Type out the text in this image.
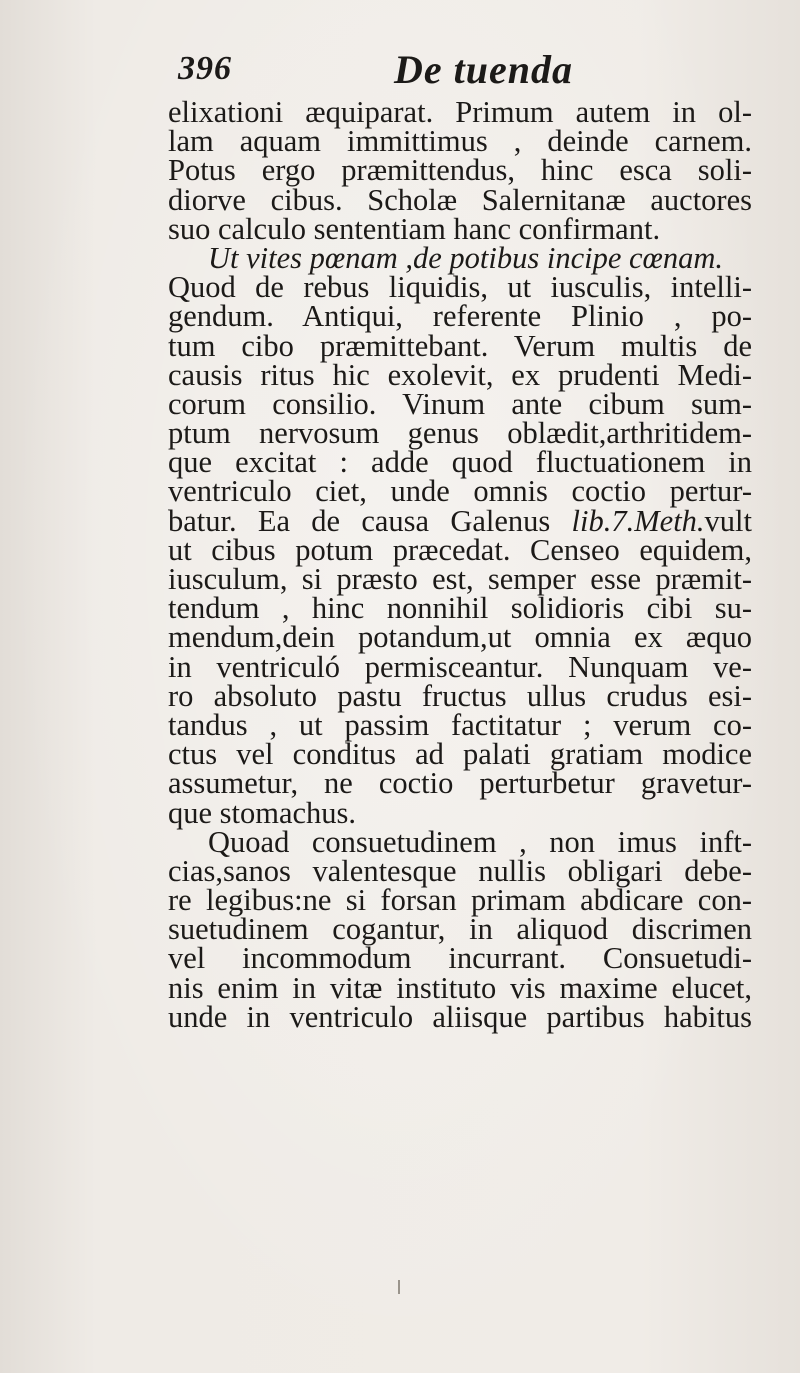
396	De tuenda
elixationi æquiparat. Primum autem in ol-
lam aquam immittimus , deinde carnem.
Potus ergo præmittendus, hinc esca soli-
diorve cibus. Scholæ Salernitanæ auctores
suo calculo sententiam hanc confirmant.
Ut vites pœnam ,de potibus incipe cœnam.
Quod de rebus liquidis, ut iusculis, intelli-
gendum. Antiqui, referente Plinio , po-
tum cibo præmittebant. Verum multis de
causis ritus hic exolevit, ex prudenti Medi-
corum consilio. Vinum ante cibum sum-
ptum nervosum genus oblædit,arthritidem-
que excitat : adde quod fluctuationem in
ventriculo ciet, unde omnis coctio pertur-
batur. Ea de causa Galenus lib.7.Meth.vult
ut cibus potum præcedat. Censeo equidem,
iusculum, si præsto est, semper esse præmit-
tendum , hinc nonnihil solidioris cibi su-
mendum,dein potandum,ut omnia ex æquo
in ventriculó permisceantur. Nunquam ve-
ro absoluto pastu fructus ullus crudus esi-
tandus , ut passim factitatur ; verum co-
ctus vel conditus ad palati gratiam modice
assumetur, ne coctio perturbetur gravetur-
que stomachus.
Quoad consuetudinem , non imus inft-
cias,sanos valentesque nullis obligari debe-
re legibus:ne si forsan primam abdicare con-
suetudinem cogantur, in aliquod discrimen
vel incommodum incurrant. Consuetudi-
nis enim in vitæ instituto vis maxime elucet,
unde in ventriculo aliisque partibus habitus
